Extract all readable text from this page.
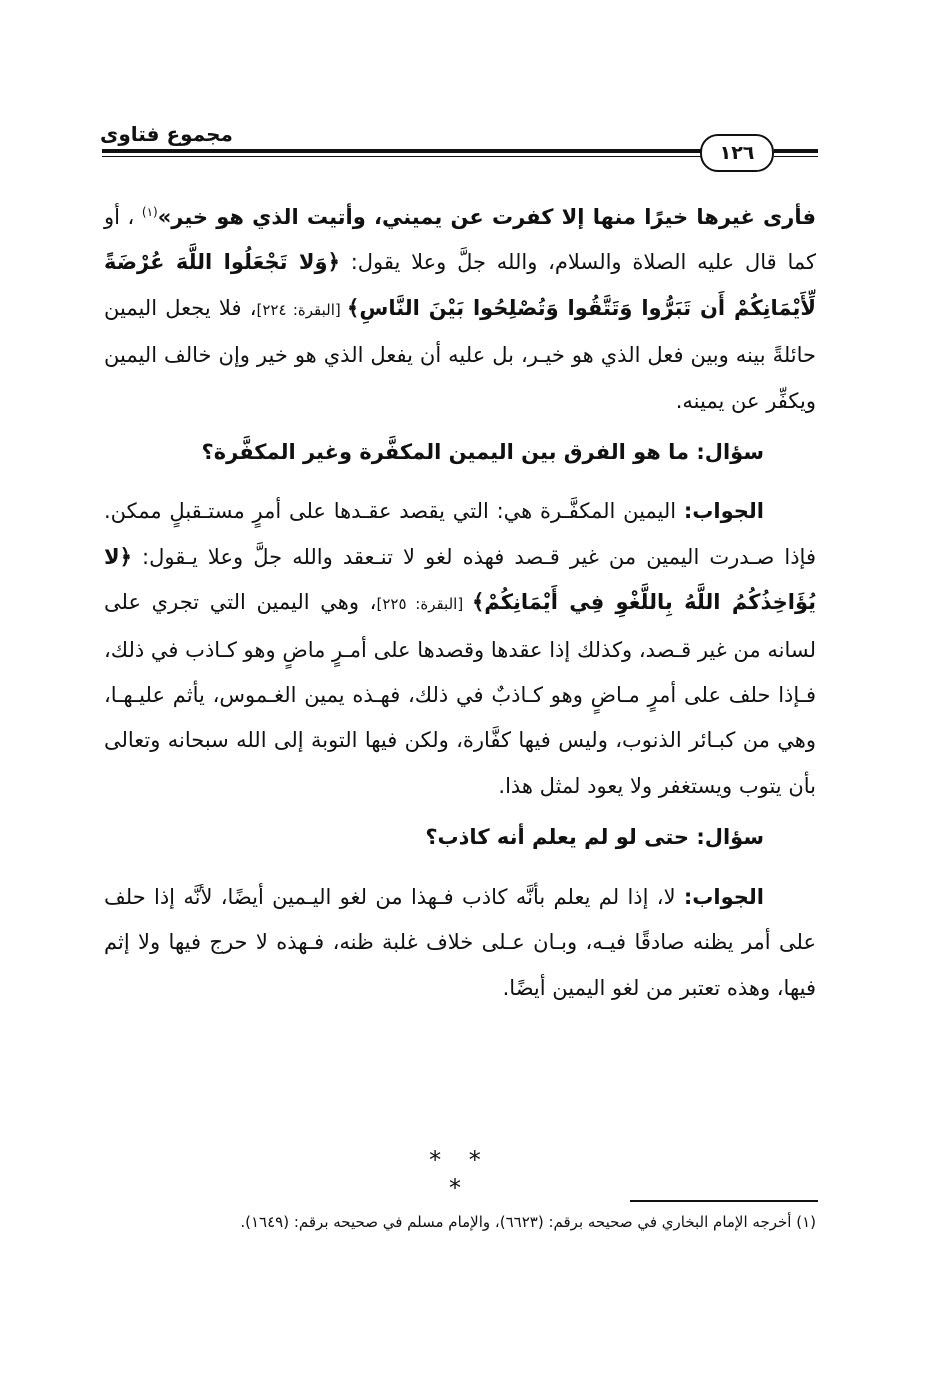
مجموع فتاوى
١٢٦

فأرى غيرها خيرًا منها إلا كفرت عن يميني، وأتيت الذي هو خير»$^{(١)}$ ، أو كما قال عليه الصلاة والسلام، والله جلَّ وعلا يقول: ﴿وَلا تَجْعَلُوا اللَّهَ عُرْضَةً لِّأَيْمَانِكُمْ أَن تَبَرُّوا وَتَتَّقُوا وَتُصْلِحُوا بَيْنَ النَّاسِ﴾ [البقرة: ٢٢٤]، فلا يجعل اليمين حائلةً بينه وبين فعل الذي هو خيـر، بل عليه أن يفعل الذي هو خير وإن خالف اليمين ويكفِّر عن يمينه.

سؤال: ما هو الفرق بين اليمين المكفَّرة وغير المكفَّرة؟

الجواب: اليمين المكفَّـرة هي: التي يقصد عقـدها على أمرٍ مستـقبلٍ ممكن. فإذا صـدرت اليمين من غير قـصد فهذه لغو لا تنـعقد والله جلَّ وعلا يـقول: ﴿لا يُؤَاخِذُكُمُ اللَّهُ بِاللَّغْوِ فِي أَيْمَانِكُمْ﴾ [البقرة: ٢٢٥]، وهي اليمين التي تجري على لسانه من غير قـصد، وكذلك إذا عقدها وقصدها على أمـرٍ ماضٍ وهو كـاذب في ذلك، فـإذا حلف على أمرٍ مـاضٍ وهو كـاذبٌ في ذلك، فهـذه يمين الغـموس، يأثم عليـهـا، وهي من كبـائر الذنوب، وليس فيها كفَّارة، ولكن فيها التوبة إلى الله سبحانه وتعالى بأن يتوب ويستغفر ولا يعود لمثل هذا.

سؤال: حتى لو لم يعلم أنه كاذب؟

الجواب: لا، إذا لم يعلم بأنَّه كاذب فـهذا من لغو اليـمين أيضًا، لأنَّه إذا حلف على أمر يظنه صادقًا فيـه، وبـان عـلى خلاف غلبة ظنه، فـهذه لا حرج فيها ولا إثم فيها، وهذه تعتبر من لغو اليمين أيضًا.

* * *
(١) أخرجه الإمام البخاري في صحيحه برقم: (٦٦٢٣)، والإمام مسلم في صحيحه برقم: (١٦٤٩).
